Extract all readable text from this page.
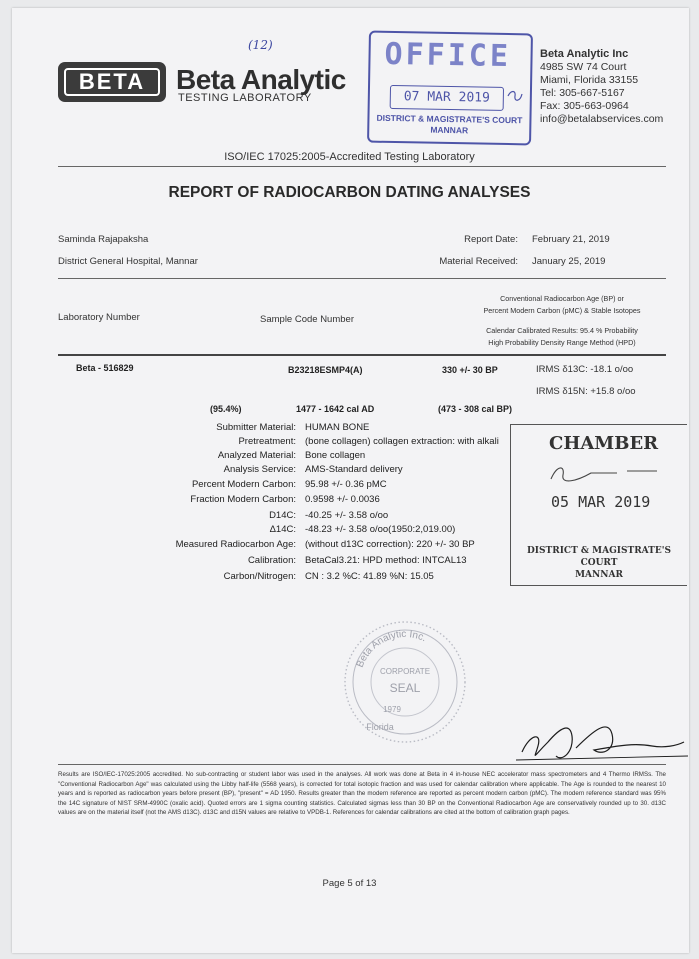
(12)
BETA	Beta Analytic
TESTING LABORATORY
Beta Analytic Inc
4985 SW 74 Court
Miami, Florida 33155
Tel: 305-667-5167
Fax: 305-663-0964
info@betalabservices.com
OFFICE
07 MAR 2019
DISTRICT & MAGISTRATE'S COURT
MANNAR
ISO/IEC 17025:2005-Accredited Testing Laboratory
REPORT OF RADIOCARBON DATING ANALYSES
Saminda Rajapaksha
District General Hospital, Mannar
Report Date: February 21, 2019
Material Received: January 25, 2019
Laboratory Number	Sample Code Number
Conventional Radiocarbon Age (BP) or
Percent Modern Carbon (pMC) & Stable Isotopes
Calendar Calibrated Results: 95.4 % Probability
High Probability Density Range Method (HPD)
Beta - 516829	B23218ESMP4(A)	330 +/- 30 BP	IRMS δ13C: -18.1 o/oo
IRMS δ15N: +15.8 o/oo
(95.4%)	1477 - 1642 cal AD	(473 - 308 cal BP)
Submitter Material: HUMAN BONE
Pretreatment: (bone collagen) collagen extraction: with alkali
Analyzed Material: Bone collagen
Analysis Service: AMS-Standard delivery
Percent Modern Carbon: 95.98 +/- 0.36 pMC
Fraction Modern Carbon: 0.9598 +/- 0.0036
D14C: -40.25 +/- 3.58 o/oo
Δ14C: -48.23 +/- 3.58 o/oo(1950:2,019.00)
Measured Radiocarbon Age: (without d13C correction): 220 +/- 30 BP
Calibration: BetaCal3.21: HPD method: INTCAL13
Carbon/Nitrogen: CN : 3.2 %C: 41.89 %N: 15.05
CHAMBER
05 MAR 2019
DISTRICT & MAGISTRATE'S COURT
MANNAR
Beta Analytic Inc.
CORPORATE
SEAL
1979
Florida
Results are ISO/IEC-17025:2005 accredited. No sub-contracting or student labor was used in the analyses. All work was done at Beta in 4 in-house NEC accelerator mass spectrometers and 4 Thermo IRMSs. The "Conventional Radiocarbon Age" was calculated using the Libby half-life (5568 years), is corrected for total isotopic fraction and was used for calendar calibration where applicable. The Age is rounded to the nearest 10 years and is reported as radiocarbon years before present (BP), "present" = AD 1950. Results greater than the modern reference are reported as percent modern carbon (pMC). The modern reference standard was 95% the 14C signature of NIST SRM-4990C (oxalic acid). Quoted errors are 1 sigma counting statistics. Calculated sigmas less than 30 BP on the Conventional Radiocarbon Age are conservatively rounded up to 30. d13C values are on the material itself (not the AMS d13C). d13C and d15N values are relative to VPDB-1. References for calendar calibrations are cited at the bottom of calibration graph pages.
Page 5 of 13
